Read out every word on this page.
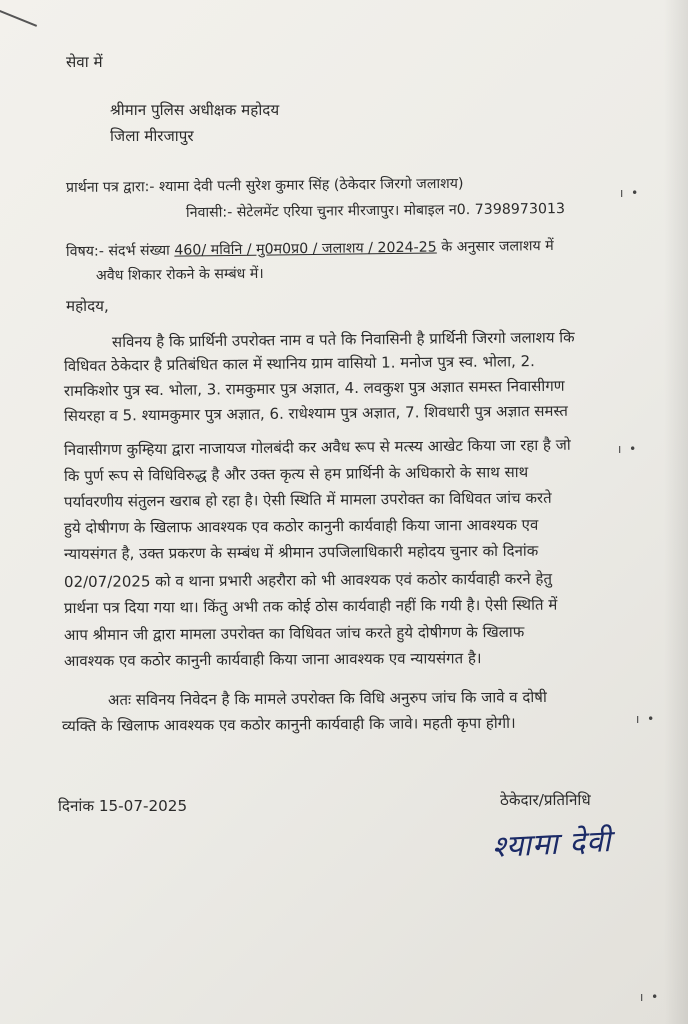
सेवा में
श्रीमान पुलिस अधीक्षक महोदय
जिला मीरजापुर
प्रार्थना पत्र द्वारा:- श्यामा देवी पत्नी सुरेश कुमार सिंह (ठेकेदार जिरगो जलाशय)
निवासी:- सेटेलमेंट एरिया चुनार मीरजापुर। मोबाइल न0. 7398973013
विषय:- संदर्भ संख्या 460/ मविनि / मु0म0प्र0 / जलाशय / 2024-25 के अनुसार जलाशय में
अवैध शिकार रोकने के सम्बंध में।
महोदय,
सविनय है कि प्रार्थिनी उपरोक्त नाम व पते कि निवासिनी है प्रार्थिनी जिरगो जलाशय कि
विधिवत ठेकेदार है प्रतिबंधित काल में स्थानिय ग्राम वासियो 1. मनोज पुत्र स्व. भोला, 2.
रामकिशोर पुत्र स्व. भोला, 3. रामकुमार पुत्र अज्ञात, 4. लवकुश पुत्र अज्ञात समस्त निवासीगण
सियरहा व 5. श्यामकुमार पुत्र अज्ञात, 6. राधेश्याम पुत्र अज्ञात, 7. शिवधारी पुत्र अज्ञात समस्त
निवासीगण कुम्हिया द्वारा नाजायज गोलबंदी कर अवैध रूप से मत्स्य आखेट किया जा रहा है जो
कि पुर्ण रूप से विधिविरुद्ध है और उक्त कृत्य से हम प्रार्थिनी के अधिकारो के साथ साथ
पर्यावरणीय संतुलन खराब हो रहा है। ऐसी स्थिति में मामला उपरोक्त का विधिवत जांच करते
हुये दोषीगण के खिलाफ आवश्यक एव कठोर कानुनी कार्यवाही किया जाना आवश्यक एव
न्यायसंगत है, उक्त प्रकरण के सम्बंध में श्रीमान उपजिलाधिकारी महोदय चुनार को दिनांक
02/07/2025 को व थाना प्रभारी अहरौरा को भी आवश्यक एवं कठोर कार्यवाही करने हेतु
प्रार्थना पत्र दिया गया था। किंतु अभी तक कोई ठोस कार्यवाही नहीं कि गयी है। ऐसी स्थिति में
आप श्रीमान जी द्वारा मामला उपरोक्त का विधिवत जांच करते हुये दोषीगण के खिलाफ
आवश्यक एव कठोर कानुनी कार्यवाही किया जाना आवश्यक एव न्यायसंगत है।
अतः सविनय निवेदन है कि मामले उपरोक्त कि विधि अनुरुप जांच कि जावे व दोषी
व्यक्ति के खिलाफ आवश्यक एव कठोर कानुनी कार्यवाही कि जावे। महती कृपा होगी।
दिनांक 15-07-2025	ठेकेदार/प्रतिनिधि
श्यामा देवी
ı •
ı •
ı •
ı •
